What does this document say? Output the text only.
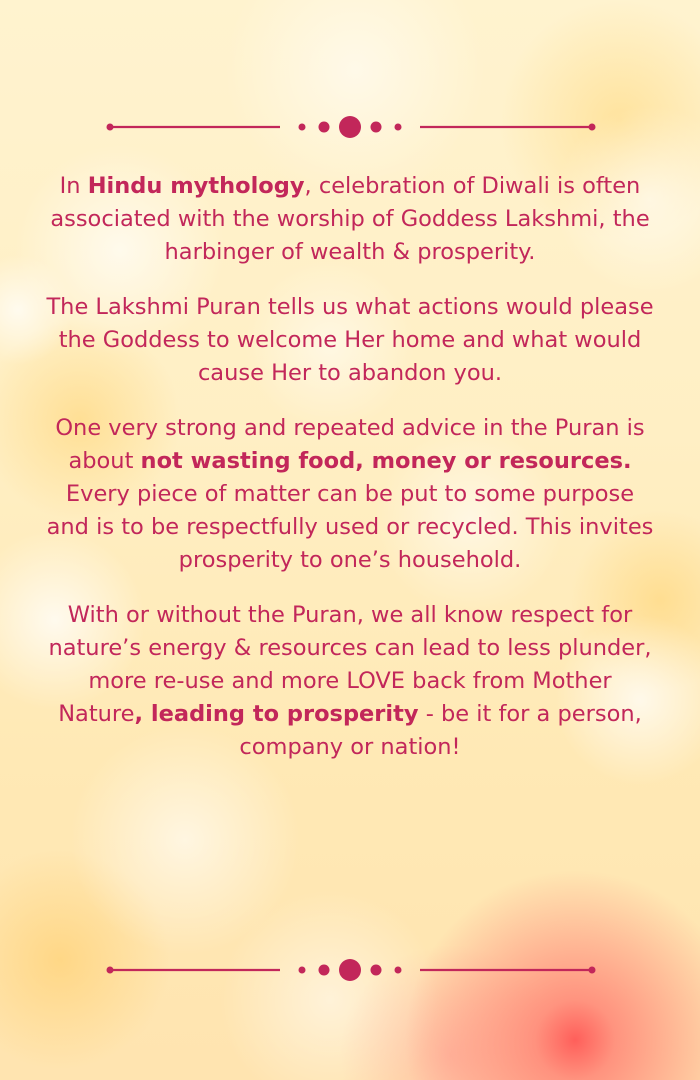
In Hindu mythology, celebration of Diwali is often associated with the worship of Goddess Lakshmi, the harbinger of wealth & prosperity.

The Lakshmi Puran tells us what actions would please the Goddess to welcome Her home and what would cause Her to abandon you.

One very strong and repeated advice in the Puran is about not wasting food, money or resources. Every piece of matter can be put to some purpose and is to be respectfully used or recycled. This invites prosperity to one’s household.

With or without the Puran, we all know respect for nature’s energy & resources can lead to less plunder, more re-use and more LOVE back from Mother Nature, leading to prosperity - be it for a person, company or nation!
